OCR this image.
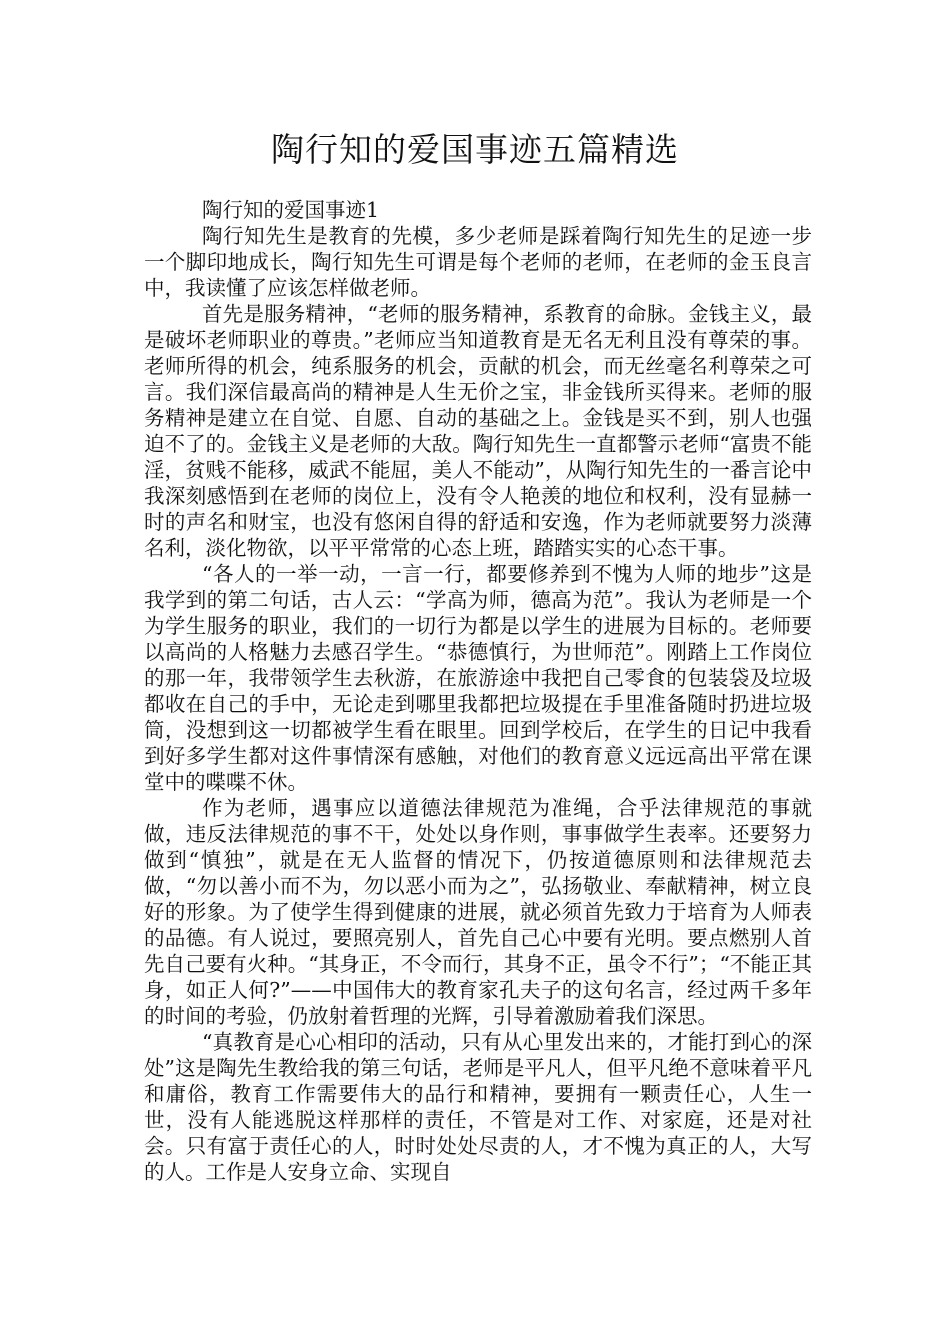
陶行知的爱国事迹五篇精选
陶行知的爱国事迹1

陶行知先生是教育的先模，多少老师是踩着陶行知先生的足迹一步一个脚印地成长，陶行知先生可谓是每个老师的老师，在老师的金玉良言中，我读懂了应该怎样做老师。

首先是服务精神，“老师的服务精神，系教育的命脉。金钱主义，最是破坏老师职业的尊贵。”老师应当知道教育是无名无利且没有尊荣的事。老师所得的机会，纯系服务的机会，贡献的机会，而无丝毫名利尊荣之可言。我们深信最高尚的精神是人生无价之宝，非金钱所买得来。老师的服务精神是建立在自觉、自愿、自动的基础之上。金钱是买不到，别人也强迫不了的。金钱主义是老师的大敌。陶行知先生一直都警示老师“富贵不能淫，贫贱不能移，威武不能屈，美人不能动”，从陶行知先生的一番言论中我深刻感悟到在老师的岗位上，没有令人艳羡的地位和权利，没有显赫一时的声名和财宝，也没有悠闲自得的舒适和安逸，作为老师就要努力淡薄名利，淡化物欲，以平平常常的心态上班，踏踏实实的心态干事。

“各人的一举一动，一言一行，都要修养到不愧为人师的地步”这是我学到的第二句话，古人云：“学高为师，德高为范”。我认为老师是一个为学生服务的职业，我们的一切行为都是以学生的进展为目标的。老师要以高尚的人格魅力去感召学生。“恭德慎行，为世师范”。刚踏上工作岗位的那一年，我带领学生去秋游，在旅游途中我把自己零食的包装袋及垃圾都收在自己的手中，无论走到哪里我都把垃圾提在手里准备随时扔进垃圾筒，没想到这一切都被学生看在眼里。回到学校后，在学生的日记中我看到好多学生都对这件事情深有感触，对他们的教育意义远远高出平常在课堂中的喋喋不休。

作为老师，遇事应以道德法律规范为准绳，合乎法律规范的事就做，违反法律规范的事不干，处处以身作则，事事做学生表率。还要努力做到“慎独”，就是在无人监督的情况下，仍按道德原则和法律规范去做，“勿以善小而不为，勿以恶小而为之”，弘扬敬业、奉献精神，树立良好的形象。为了使学生得到健康的进展，就必须首先致力于培育为人师表的品德。有人说过，要照亮别人，首先自己心中要有光明。要点燃别人首先自己要有火种。“其身正，不令而行，其身不正，虽令不行”；“不能正其身，如正人何?”——中国伟大的教育家孔夫子的这句名言，经过两千多年的时间的考验，仍放射着哲理的光辉，引导着激励着我们深思。

“真教育是心心相印的活动，只有从心里发出来的，才能打到心的深处”这是陶先生教给我的第三句话，老师是平凡人，但平凡绝不意味着平凡和庸俗，教育工作需要伟大的品行和精神，要拥有一颗责任心，人生一世，没有人能逃脱这样那样的责任，不管是对工作、对家庭，还是对社会。只有富于责任心的人，时时处处尽责的人，才不愧为真正的人，大写的人。工作是人安身立命、实现自
